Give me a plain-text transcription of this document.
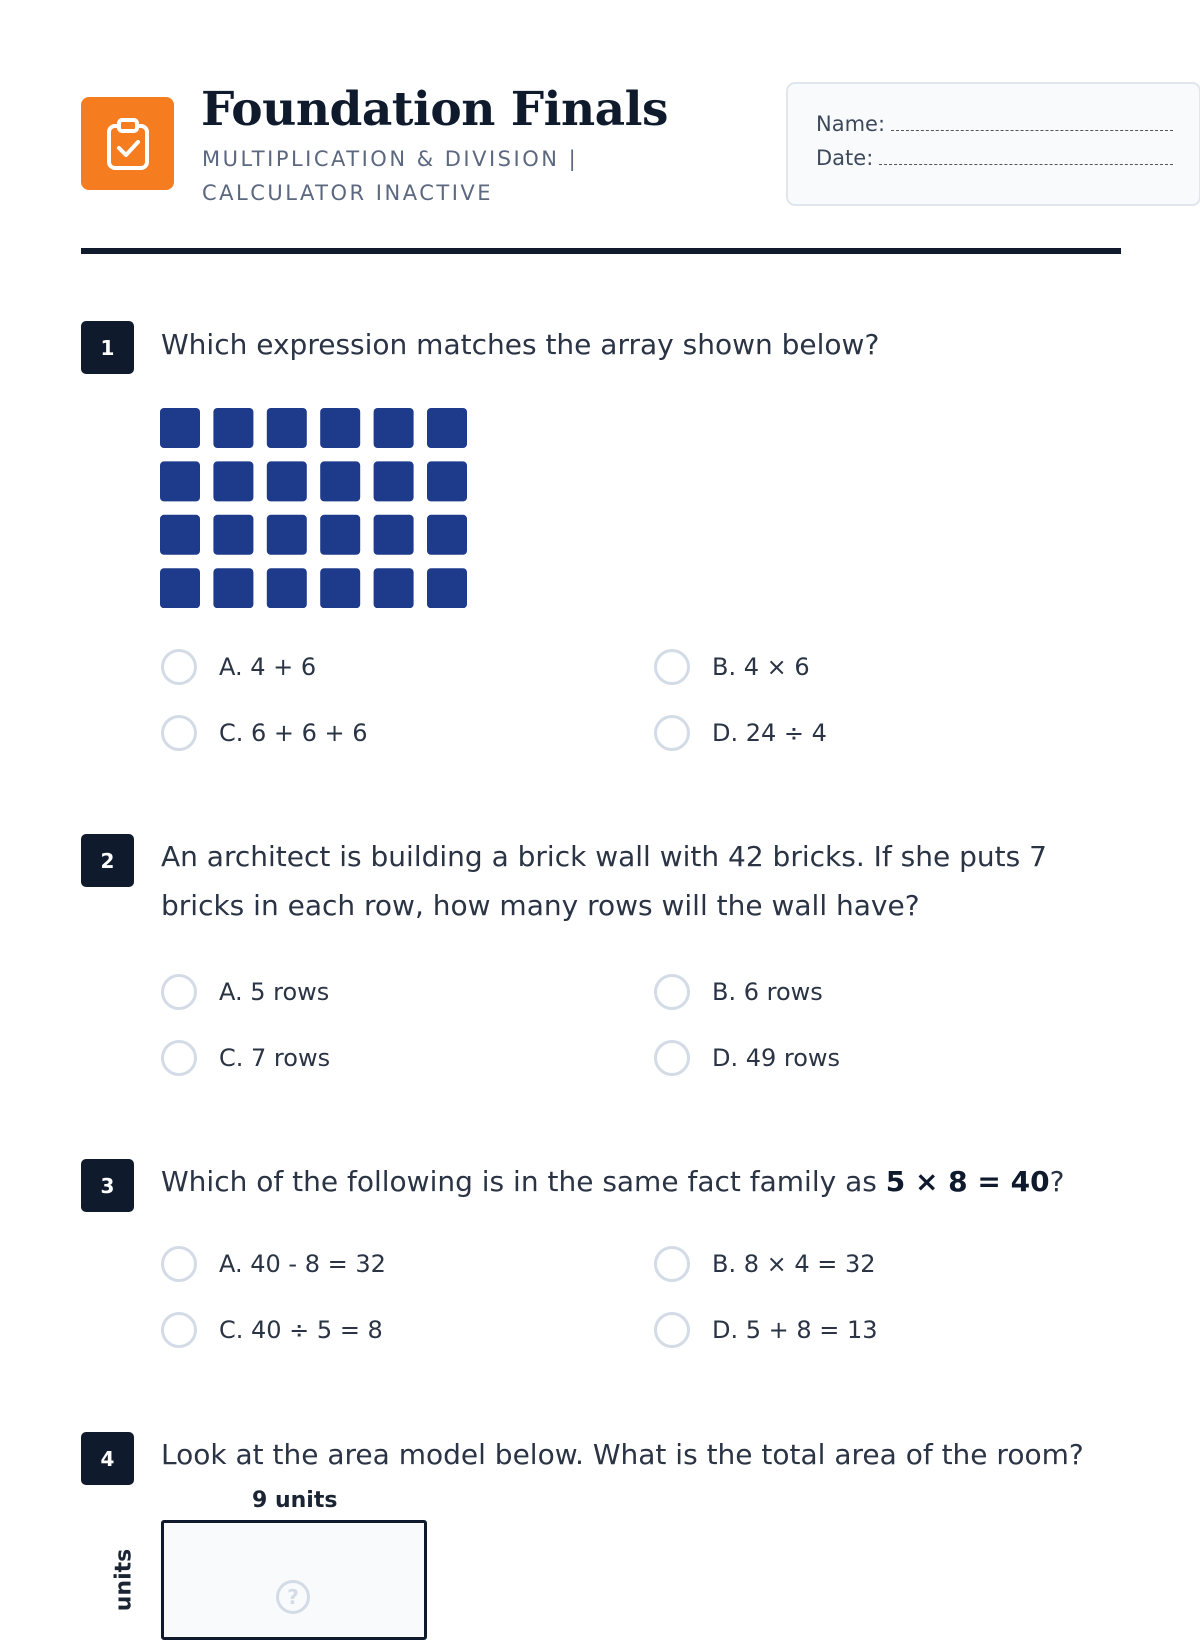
Foundation Finals
MULTIPLICATION & DIVISION | CALCULATOR INACTIVE
Name:
Date:
1	Which expression matches the array shown below?
A. 4 + 6	B. 4 × 6
C. 6 + 6 + 6	D. 24 ÷ 4
2	An architect is building a brick wall with 42 bricks. If she puts 7 bricks in each row, how many rows will the wall have?
A. 5 rows	B. 6 rows
C. 7 rows	D. 49 rows
3	Which of the following is in the same fact family as 5 × 8 = 40?
A. 40 - 8 = 32	B. 8 × 4 = 32
C. 40 ÷ 5 = 8	D. 5 + 8 = 13
4	Look at the area model below. What is the total area of the room?
9 units
?
units
